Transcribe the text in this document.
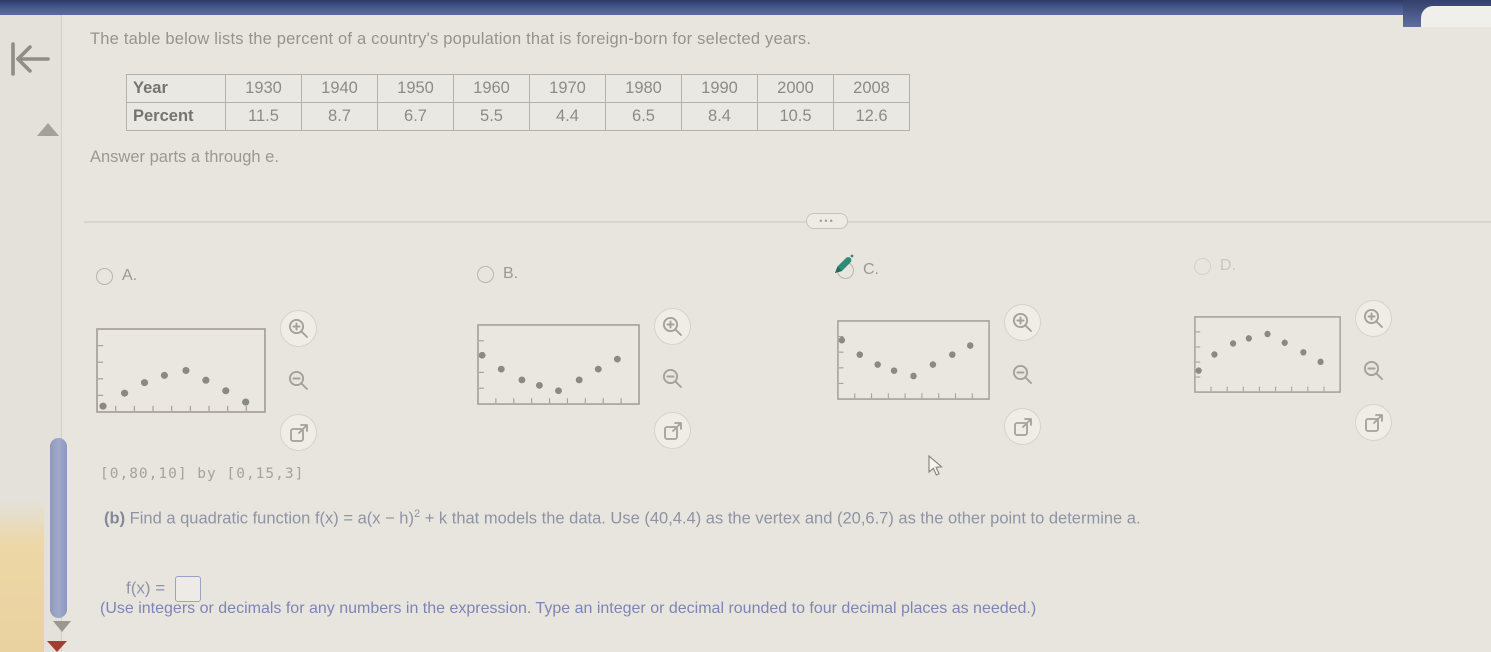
The table below lists the percent of a country's population that is foreign-born for selected years.
Year	1930	1940	1950	1960	1970	1980	1990	2000	2008
Percent	11.5	8.7	6.7	5.5	4.4	6.5	8.4	10.5	12.6
Answer parts a through e.
•••
A.	B.	C.	D.
[0,80,10] by [0,15,3]
(b) Find a quadratic function $f(x) = a(x - h)^2 + k$ that models the data. Use (40,4.4) as the vertex and (20,6.7) as the other point to determine a.
f(x) =
(Use integers or decimals for any numbers in the expression. Type an integer or decimal rounded to four decimal places as needed.)
